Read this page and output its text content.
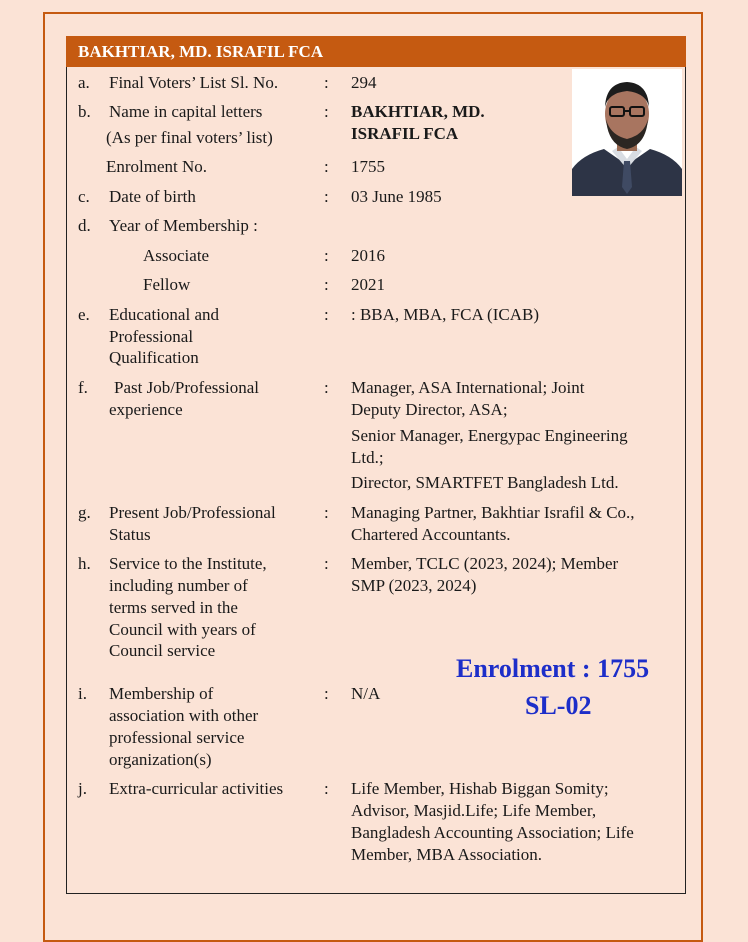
BAKHTIAR, MD. ISRAFIL FCA
a. Final Voters’ List Sl. No.	: 294
b. Name in capital letters
(As per final voters’ list)
: BAKHTIAR, MD.
ISRAFIL FCA
Enrolment No.	: 1755
c. Date of birth	: 03 June 1985
d. Year of Membership :
Associate	: 2016
Fellow	: 2021
e. Educational and
Professional
Qualification
: : BBA, MBA, FCA (ICAB)
f. Past Job/Professional
experience
: Manager, ASA International; Joint
Deputy Director, ASA;
Senior Manager, Energypac Engineering
Ltd.;
Director, SMARTFET Bangladesh Ltd.
g. Present Job/Professional
Status
: Managing Partner, Bakhtiar Israfil & Co.,
Chartered Accountants.
h. Service to the Institute,
including number of
terms served in the
Council with years of
Council service
: Member, TCLC (2023, 2024); Member
SMP (2023, 2024)
Enrolment : 1755
SL-02
i. Membership of
association with other
professional service
organization(s)
: N/A
j. Extra-curricular activities : Life Member, Hishab Biggan Somity;
Advisor, Masjid.Life; Life Member,
Bangladesh Accounting Association; Life
Member, MBA Association.
